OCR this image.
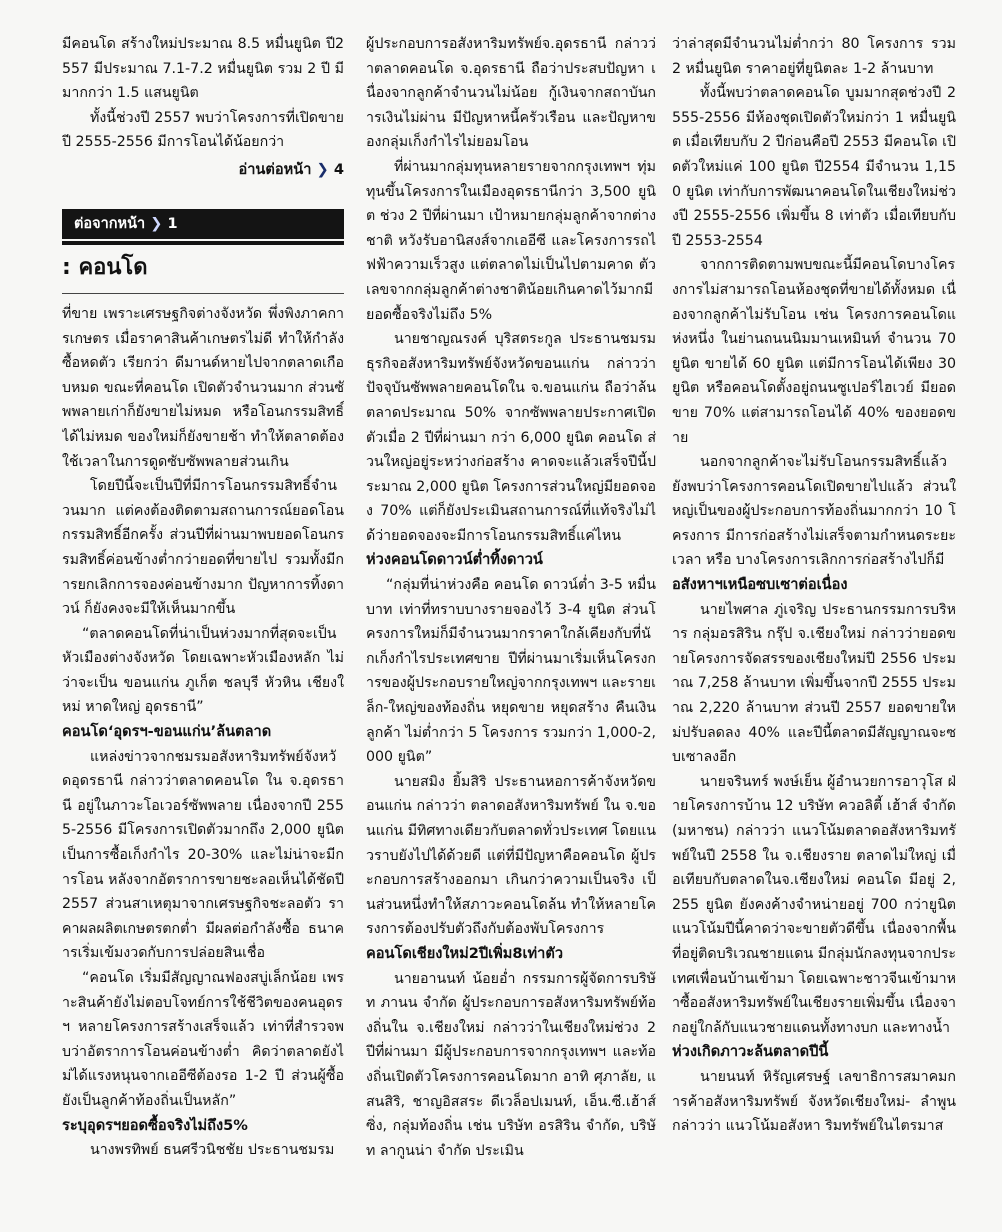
มีคอนโด สร้างใหม่ประมาณ 8.5 หมื่นยูนิต ปี2557 มีประมาณ 7.1-7.2 หมื่นยูนิต รวม 2 ปี มีมากกว่า 1.5 แสนยูนิต

ทั้งนี้ช่วงปี 2557 พบว่าโครงการที่เปิดขายปี 2555-2556 มีการโอนได้น้อยกว่า

อ่านต่อหน้า ❯ 4
ต่อจากหน้า ❯ 1
: คอนโด

ที่ขาย เพราะเศรษฐกิจต่างจังหวัด พึ่งพิงภาคการเกษตร เมื่อราคาสินค้าเกษตรไม่ดี ทำให้กำลังซื้อหดตัว เรียกว่า ดีมานด์หายไปจากตลาดเกือบหมด ขณะที่คอนโด เปิดตัวจำนวนมาก ส่วนซัพพลายเก่าก็ยังขายไม่หมด หรือโอนกรรมสิทธิ์ได้ไม่หมด ของใหม่ก็ยังขายช้า ทำให้ตลาดต้องใช้เวลาในการดูดซับซัพพลายส่วนเกิน

โดยปีนี้จะเป็นปีที่มีการโอนกรรมสิทธิ์จำนวนมาก แต่คงต้องติดตามสถานการณ์ยอดโอนกรรมสิทธิ์อีกครั้ง ส่วนปีที่ผ่านมาพบยอดโอนกรรมสิทธิ์ค่อนข้างต่ำกว่ายอดที่ขายไป รวมทั้งมีการยกเลิกการจองค่อนข้างมาก ปัญหาการทิ้งดาวน์ ก็ยังคงจะมีให้เห็นมากขึ้น

“ตลาดคอนโดที่น่าเป็นห่วงมากที่สุดจะเป็นหัวเมืองต่างจังหวัด โดยเฉพาะหัวเมืองหลัก ไม่ว่าจะเป็น ขอนแก่น ภูเก็ต ชลบุรี หัวหิน เชียงใหม่ หาดใหญ่ อุดรธานี”

คอนโด‘อุดรฯ-ขอนแก่น’ล้นตลาด

แหล่งข่าวจากชมรมอสังหาริมทรัพย์จังหวัดอุดรธานี กล่าวว่าตลาดคอนโด ใน จ.อุดรธานี อยู่ในภาวะโอเวอร์ซัพพลาย เนื่องจากปี 2555-2556 มีโครงการเปิดตัวมากถึง 2,000 ยูนิต เป็นการซื้อเก็งกำไร 20-30% และไม่น่าจะมีการโอน หลังจากอัตราการขายชะลอเห็นได้ชัดปี 2557 ส่วนสาเหตุมาจากเศรษฐกิจชะลอตัว ราคาผลผลิตเกษตรตกต่ำ มีผลต่อกำลังซื้อ ธนาคารเริ่มเข้มงวดกับการปล่อยสินเชื่อ

“คอนโด เริ่มมีสัญญาณฟองสบู่เล็กน้อย เพราะสินค้ายังไม่ตอบโจทย์การใช้ชีวิตของคนอุดรฯ หลายโครงการสร้างเสร็จแล้ว เท่าที่สำรวจพบว่าอัตราการโอนค่อนข้างต่ำ คิดว่าตลาดยังไม่ได้แรงหนุนจากเออีซีต้องรอ 1-2 ปี ส่วนผู้ซื้อยังเป็นลูกค้าท้องถิ่นเป็นหลัก”

ระบุอุดรฯยอดซื้อจริงไม่ถึง5%

นางพรทิพย์ ธนศรีวนิชชัย ประธานชมรม

ผู้ประกอบการอสังหาริมทรัพย์จ.อุดรธานี กล่าวว่าตลาดคอนโด จ.อุดรธานี ถือว่าประสบปัญหา เนื่องจากลูกค้าจำนวนไม่น้อย กู้เงินจากสถาบันการเงินไม่ผ่าน มีปัญหาหนี้ครัวเรือน และปัญหาของกลุ่มเก็งกำไรไม่ยอมโอน

ที่ผ่านมากลุ่มทุนหลายรายจากกรุงเทพฯ ทุ่มทุนขึ้นโครงการในเมืองอุดรธานีกว่า 3,500 ยูนิต ช่วง 2 ปีที่ผ่านมา เป้าหมายกลุ่มลูกค้าจากต่างชาติ หวังรับอานิสงส์จากเออีซี และโครงการรถไฟฟ้าความเร็วสูง แต่ตลาดไม่เป็นไปตามคาด ตัวเลขจากกลุ่มลูกค้าต่างชาติน้อยเกินคาดไว้มากมียอดซื้อจริงไม่ถึง 5%

นายชาญณรงค์ บุริสตระกูล ประธานชมรมธุรกิจอสังหาริมทรัพย์จังหวัดขอนแก่น กล่าวว่า ปัจจุบันซัพพลายคอนโดใน จ.ขอนแก่น ถือว่าล้นตลาดประมาณ 50% จากซัพพลายประกาศเปิดตัวเมื่อ 2 ปีที่ผ่านมา กว่า 6,000 ยูนิต คอนโด ส่วนใหญ่อยู่ระหว่างก่อสร้าง คาดจะแล้วเสร็จปีนี้ประมาณ 2,000 ยูนิต โครงการส่วนใหญ่มียอดจอง 70% แต่ก็ยังประเมินสถานการณ์ที่แท้จริงไม่ได้ว่ายอดจองจะมีการโอนกรรมสิทธิ์แค่ไหน

ห่วงคอนโดดาวน์ต่ำทิ้งดาวน์

“กลุ่มที่น่าห่วงคือ คอนโด ดาวน์ต่ำ 3-5 หมื่นบาท เท่าที่ทราบบางรายจองไว้ 3-4 ยูนิต ส่วนโครงการใหม่ก็มีจำนวนมากราคาใกล้เคียงกับที่นักเก็งกำไรประเทศขาย ปีที่ผ่านมาเริ่มเห็นโครงการของผู้ประกอบรายใหญ่จากกรุงเทพฯ และรายเล็ก-ใหญ่ของท้องถิ่น หยุดขาย หยุดสร้าง คืนเงินลูกค้า ไม่ต่ำกว่า 5 โครงการ รวมกว่า 1,000-2,000 ยูนิต”

นายสมิง ยิ้มสิริ ประธานหอการค้าจังหวัดขอนแก่น กล่าวว่า ตลาดอสังหาริมทรัพย์ ใน จ.ขอนแก่น มีทิศทางเดียวกับตลาดทั่วประเทศ โดยแนวราบยังไปได้ด้วยดี แต่ที่มีปัญหาคือคอนโด ผู้ประกอบการสร้างออกมา เกินกว่าความเป็นจริง เป็นส่วนหนึ่งทำให้สภาวะคอนโดล้น ทำให้หลายโครงการต้องปรับตัวถึงกับต้องพับโครงการ

คอนโดเชียงใหม่2ปีเพิ่ม8เท่าตัว

นายอานนท์ น้อยอ่ำ กรรมการผู้จัดการบริษัท ภานน จำกัด ผู้ประกอบการอสังหาริมทรัพย์ท้องถิ่นใน จ.เชียงใหม่ กล่าวว่าในเชียงใหม่ช่วง 2 ปีที่ผ่านมา มีผู้ประกอบการจากกรุงเทพฯ และท้องถิ่นเปิดตัวโครงการคอนโดมาก อาทิ ศุภาลัย, แสนสิริ, ชาญอิสสระ ดีเวล็อปเมนท์, เอ็น.ซี.เฮ้าส์ซิ่ง, กลุ่มท้องถิ่น เช่น บริษัท อรสิริน จำกัด, บริษัท ลากูนน่า จำกัด ประเมิน

ว่าล่าสุดมีจำนวนไม่ต่ำกว่า 80 โครงการ รวม 2 หมื่นยูนิต ราคาอยู่ที่ยูนิตละ 1-2 ล้านบาท

ทั้งนี้พบว่าตลาดคอนโด บูมมากสุดช่วงปี 2555-2556 มีห้องชุดเปิดตัวใหม่กว่า 1 หมื่นยูนิต เมื่อเทียบกับ 2 ปีก่อนคือปี 2553 มีคอนโด เปิดตัวใหม่แค่ 100 ยูนิต ปี2554 มีจำนวน 1,150 ยูนิต เท่ากับการพัฒนาคอนโดในเชียงใหม่ช่วงปี 2555-2556 เพิ่มขึ้น 8 เท่าตัว เมื่อเทียบกับปี 2553-2554

จากการติดตามพบขณะนี้มีคอนโดบางโครงการไม่สามารถโอนห้องชุดที่ขายได้ทั้งหมด เนื่องจากลูกค้าไม่รับโอน เช่น โครงการคอนโดแห่งหนึ่ง ในย่านถนนนิมมานเหมินท์ จำนวน 70 ยูนิต ขายได้ 60 ยูนิต แต่มีการโอนได้เพียง 30 ยูนิต หรือคอนโดตั้งอยู่ถนนซูเปอร์ไฮเวย์ มียอดขาย 70% แต่สามารถโอนได้ 40% ของยอดขาย

นอกจากลูกค้าจะไม่รับโอนกรรมสิทธิ์แล้ว ยังพบว่าโครงการคอนโดเปิดขายไปแล้ว ส่วนใหญ่เป็นของผู้ประกอบการท้องถิ่นมากกว่า 10 โครงการ มีการก่อสร้างไม่เสร็จตามกำหนดระยะเวลา หรือ บางโครงการเลิกการก่อสร้างไปก็มี

อสังหาฯเหนือซบเซาต่อเนื่อง

นายไพศาล ภู่เจริญ ประธานกรรมการบริหาร กลุ่มอรสิริน กรุ๊ป จ.เชียงใหม่ กล่าวว่ายอดขายโครงการจัดสรรของเชียงใหม่ปี 2556 ประมาณ 7,258 ล้านบาท เพิ่มขึ้นจากปี 2555 ประมาณ 2,220 ล้านบาท ส่วนปี 2557 ยอดขายใหม่ปรับลดลง 40% และปีนี้ตลาดมีสัญญาณจะซบเซาลงอีก

นายจรินทร์ พงษ์เย็น ผู้อำนวยการอาวุโส ฝ่ายโครงการบ้าน 12 บริษัท ควอลิตี้ เฮ้าส์ จำกัด (มหาชน) กล่าวว่า แนวโน้มตลาดอสังหาริมทรัพย์ในปี 2558 ใน จ.เชียงราย ตลาดไม่ใหญ่ เมื่อเทียบกับตลาดในจ.เชียงใหม่ คอนโด มีอยู่ 2,255 ยูนิต ยังคงค้างจำหน่ายอยู่ 700 กว่ายูนิต แนวโน้มปีนี้คาดว่าจะขายตัวดีขึ้น เนื่องจากพื้นที่อยู่ติดบริเวณชายแดน มีกลุ่มนักลงทุนจากประเทศเพื่อนบ้านเข้ามา โดยเฉพาะชาวจีนเข้ามาหาซื้ออสังหาริมทรัพย์ในเชียงรายเพิ่มขึ้น เนื่องจากอยู่ใกล้กับแนวชายแดนทั้งทางบก และทางน้ำ

ห่วงเกิดภาวะล้นตลาดปีนี้

นายนนท์ หิรัญเศรษฐ์ เลขาธิการสมาคมการค้าอสังหาริมทรัพย์ จังหวัดเชียงใหม่- ลำพูน กล่าวว่า แนวโน้มอสังหา ริมทรัพย์ในไตรมาส
